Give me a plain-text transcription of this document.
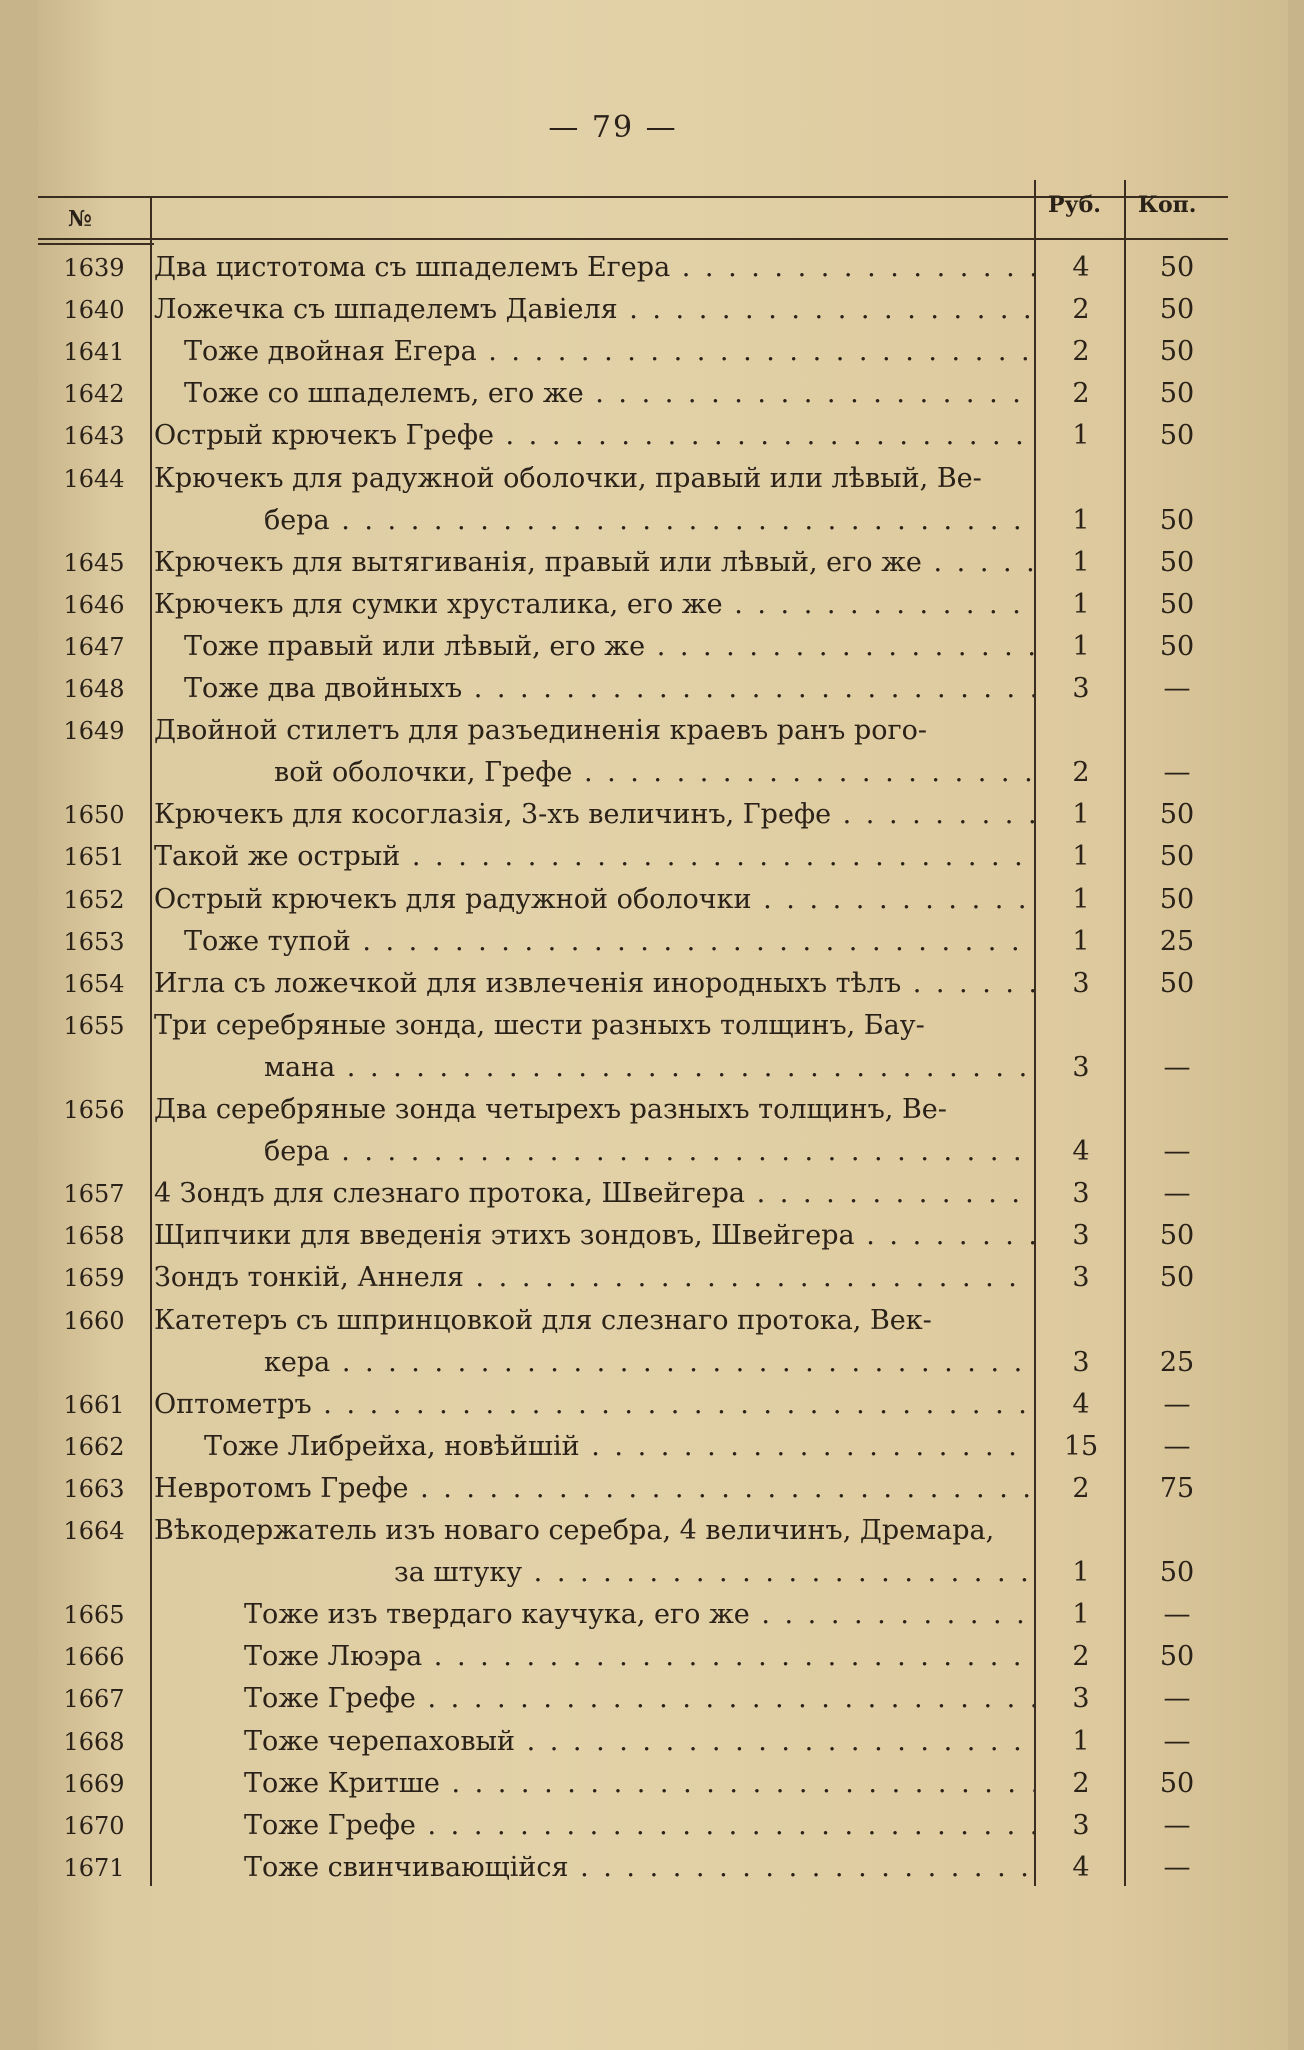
— 79 —
№
Руб. Коп.
1639	Два цистотома съ шпаделемъ Егера . . .	4	50
1640	Ложечка съ шпаделемъ Давіеля . . .	2	50
1641	Тоже двойная Егера . . .	2	50
1642	Тоже со шпаделемъ, его же . . .	2	50
1643	Острый крючекъ Грефе . . .	1	50
1644	Крючекъ для радужной оболочки, правый или лѣвый, Ве-
бера . . .	1	50
1645	Крючекъ для вытягиванія, правый или лѣвый, его же . . .	1	50
1646	Крючекъ для сумки хрусталика, его же . . .	1	50
1647	Тоже правый или лѣвый, его же . . .	1	50
1648	Тоже два двойныхъ . . .	3	—
1649	Двойной стилетъ для разъединенія краевъ ранъ рого-
вой оболочки, Грефе . . .	2	—
1650	Крючекъ для косоглазія, 3-хъ величинъ, Грефе . . .	1	50
1651	Такой же острый . . .	1	50
1652	Острый крючекъ для радужной оболочки . . .	1	50
1653	Тоже тупой . . .	1	25
1654	Игла съ ложечкой для извлеченія инородныхъ тѣлъ . . .	3	50
1655	Три серебряные зонда, шести разныхъ толщинъ, Бау-
мана . . .	3	—
1656	Два серебряные зонда четырехъ разныхъ толщинъ, Ве-
бера . . .	4	—
1657	4 Зондъ для слезнаго протока, Швейгера . . .	3	—
1658	Щипчики для введенія этихъ зондовъ, Швейгера . . .	3	50
1659	Зондъ тонкій, Аннеля . . .	3	50
1660	Катетеръ съ шпринцовкой для слезнаго протока, Век-
кера . . .	3	25
1661	Оптометръ . . .	4	—
1662	Тоже Либрейха, новѣйшій . . .	15	—
1663	Невротомъ Грефе . . .	2	75
1664	Вѣкодержатель изъ новаго серебра, 4 величинъ, Дремара,
за штуку . . .	1	50
1665	Тоже изъ твердаго каучука, его же . . .	1	—
1666	Тоже Люэра . . .	2	50
1667	Тоже Грефе . . .	3	—
1668	Тоже черепаховый . . .	1	—
1669	Тоже Критше . . .	2	50
1670	Тоже Грефе . . .	3	—
1671	Тоже свинчивающійся . . .	4	—
